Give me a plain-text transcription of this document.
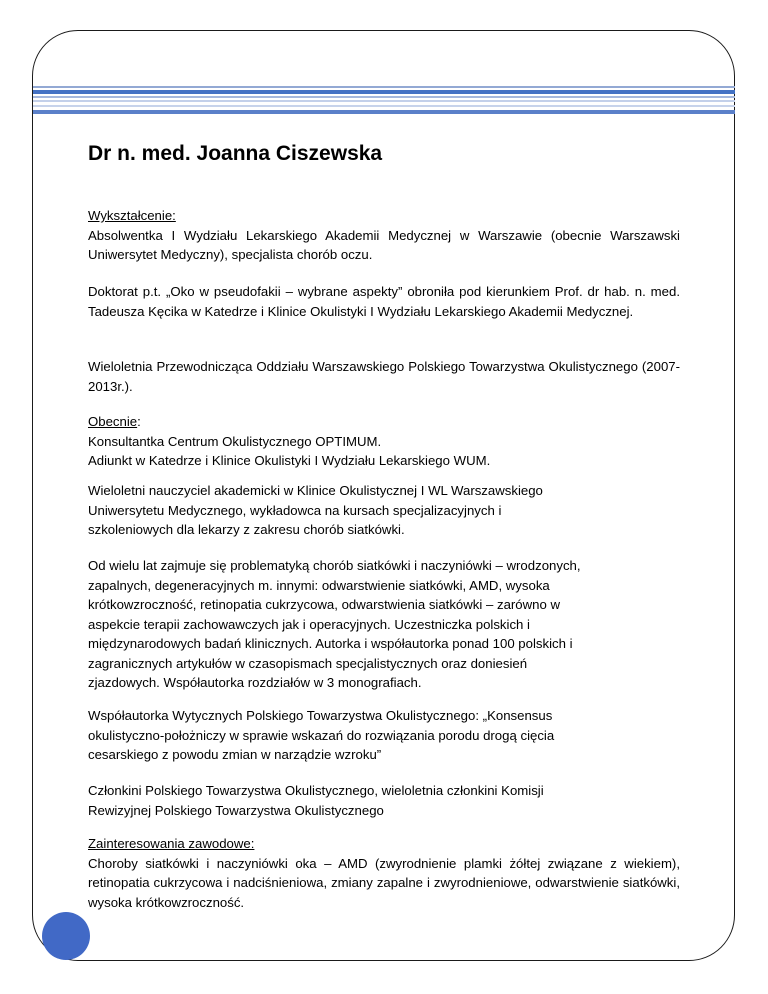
Dr n. med. Joanna Ciszewska
Wykształcenie:
Absolwentka I Wydziału Lekarskiego Akademii Medycznej w Warszawie (obecnie Warszawski Uniwersytet Medyczny), specjalista chorób oczu.
Doktorat p.t. „Oko w pseudofakii – wybrane aspekty” obroniła pod kierunkiem Prof. dr hab. n. med. Tadeusza Kęcika w Katedrze i Klinice Okulistyki I Wydziału Lekarskiego Akademii Medycznej.
Wieloletnia Przewodnicząca Oddziału Warszawskiego Polskiego Towarzystwa Okulistycznego (2007-2013r.).
Obecnie:
Konsultantka Centrum Okulistycznego OPTIMUM.
Adiunkt w Katedrze i Klinice Okulistyki I Wydziału Lekarskiego WUM.
Wieloletni nauczyciel akademicki w Klinice Okulistycznej I WL Warszawskiego
Uniwersytetu Medycznego, wykładowca na kursach specjalizacyjnych i
szkoleniowych dla lekarzy z zakresu chorób siatkówki.
Od wielu lat zajmuje się problematyką chorób siatkówki i naczyniówki – wrodzonych,
zapalnych, degeneracyjnych m. innymi: odwarstwienie siatkówki, AMD, wysoka
krótkowzroczność, retinopatia cukrzycowa, odwarstwienia siatkówki – zarówno w
aspekcie terapii zachowawczych jak i operacyjnych. Uczestniczka polskich i
międzynarodowych badań klinicznych. Autorka i współautorka ponad 100 polskich i
zagranicznych artykułów w czasopismach specjalistycznych oraz doniesień
zjazdowych. Współautorka rozdziałów w 3 monografiach.
Współautorka Wytycznych Polskiego Towarzystwa Okulistycznego: „Konsensus
okulistyczno-położniczy w sprawie wskazań do rozwiązania porodu drogą cięcia
cesarskiego z powodu zmian w narządzie wzroku”
Członkini Polskiego Towarzystwa Okulistycznego, wieloletnia członkini Komisji
Rewizyjnej Polskiego Towarzystwa Okulistycznego
Zainteresowania zawodowe:
Choroby siatkówki i naczyniówki oka – AMD (zwyrodnienie plamki żółtej związane z wiekiem), retinopatia cukrzycowa i nadciśnieniowa, zmiany zapalne i zwyrodnieniowe, odwarstwienie siatkówki, wysoka krótkowzroczność.
